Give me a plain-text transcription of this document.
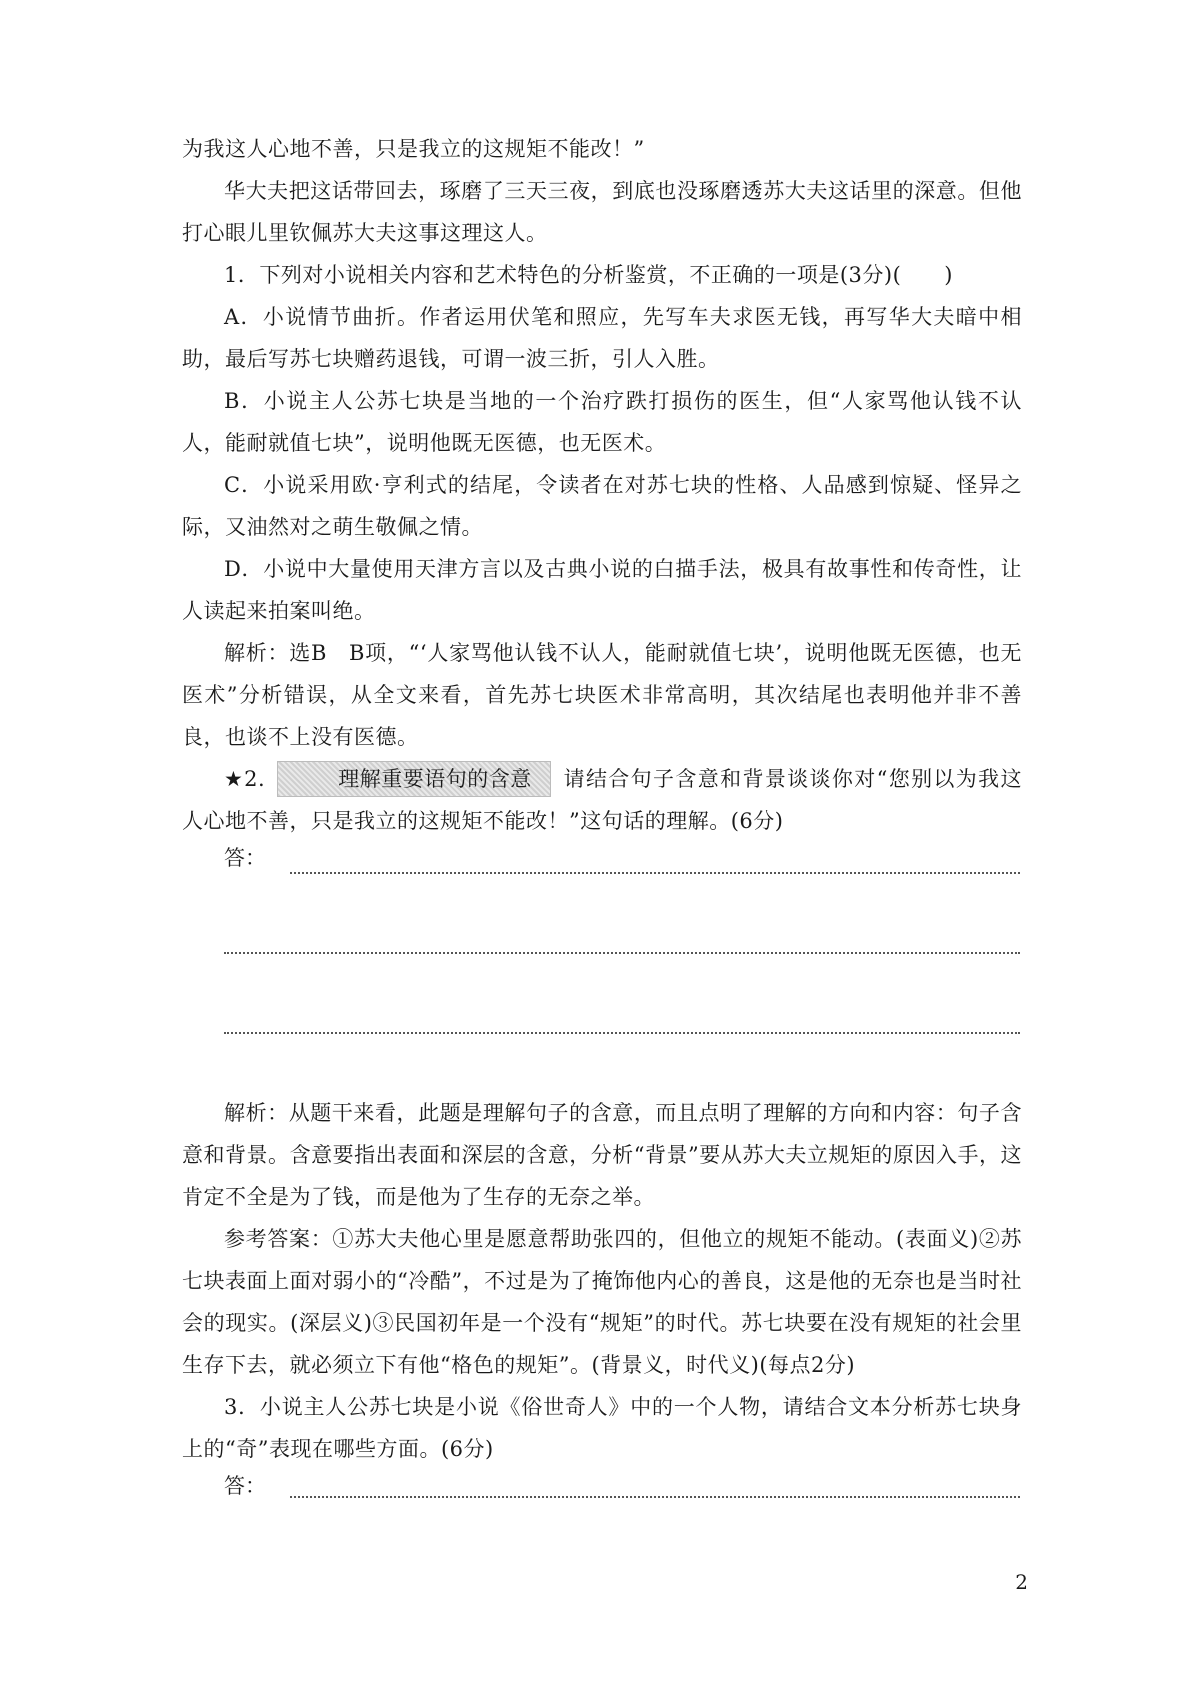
为我这人心地不善，只是我立的这规矩不能改！”

华大夫把这话带回去，琢磨了三天三夜，到底也没琢磨透苏大夫这话里的深意。但他打心眼儿里钦佩苏大夫这事这理这人。

1．下列对小说相关内容和艺术特色的分析鉴赏，不正确的一项是(3分)(　　)

A．小说情节曲折。作者运用伏笔和照应，先写车夫求医无钱，再写华大夫暗中相助，最后写苏七块赠药退钱，可谓一波三折，引人入胜。

B．小说主人公苏七块是当地的一个治疗跌打损伤的医生，但“人家骂他认钱不认人，能耐就值七块”，说明他既无医德，也无医术。

C．小说采用欧·亨利式的结尾，令读者在对苏七块的性格、人品感到惊疑、怪异之际，又油然对之萌生敬佩之情。

D．小说中大量使用天津方言以及古典小说的白描手法，极具有故事性和传奇性，让人读起来拍案叫绝。

解析：选B　B项，“‘人家骂他认钱不认人，能耐就值七块’，说明他既无医德，也无医术”分析错误，从全文来看，首先苏七块医术非常高明，其次结尾也表明他并非不善良，也谈不上没有医德。

★2.	理解重要语句的含意 请结合句子含意和背景谈谈你对“您别以为我这人心地不善，只是我立的这规矩不能改！”这句话的理解。(6分)

答：

解析：从题干来看，此题是理解句子的含意，而且点明了理解的方向和内容：句子含意和背景。含意要指出表面和深层的含意，分析“背景”要从苏大夫立规矩的原因入手，这肯定不全是为了钱，而是他为了生存的无奈之举。

参考答案：①苏大夫他心里是愿意帮助张四的，但他立的规矩不能动。(表面义)②苏七块表面上面对弱小的“冷酷”，不过是为了掩饰他内心的善良，这是他的无奈也是当时社会的现实。(深层义)③民国初年是一个没有“规矩”的时代。苏七块要在没有规矩的社会里生存下去，就必须立下有他“格色的规矩”。(背景义，时代义)(每点2分)

3．小说主人公苏七块是小说《俗世奇人》中的一个人物，请结合文本分析苏七块身上的“奇”表现在哪些方面。(6分)

答：
2
